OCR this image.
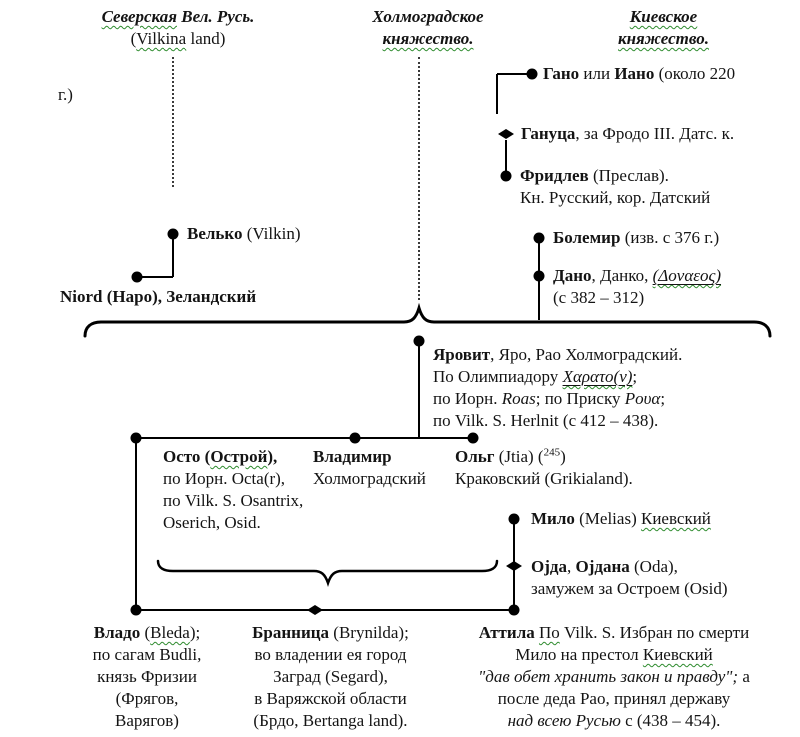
Северская Вел. Русь.
(Vilkina land)
Холмоградское
княжество.
Киевское
княжество.
Гано или Иано (около 220
г.)
Гануца, за Фродо III. Датс. к.
Фридлев (Преслав).
Кн. Русский, кор. Датский
Болемир (изв. с 376 г.)
Дано, Данко, (Δοναεος)
(с 382 – 312)
Велько (Vilkin)
Niord (Наро), Зеландский
Яровит, Яро, Рао Холмоградский.
По Олимпиадору Χαρατο(ν);
по Иорн. Roas; по Приску Ρουα;
по Vilk. S. Herlnit (с 412 – 438).
Осто (Острой),
по Иорн. Octa(r),
по Vilk. S. Osantrix,
Oserich, Osid.
Владимир
Холмоградский
Ольг (Jtia) ($^{245}$)
Краковский (Grikialand).
Мило (Melias) Киевский
Ојда, Ојдана (Oda),
замужем за Остроем (Osid)
Владо (Bleda);
по сагам Budli,
князь Фризии
(Фрягов,
Варягов)
Бранница (Brynilda);
во владении ея город
Заград (Segard),
в Варяжской области
(Брдо, Bertanga land).
Аттила По Vilk. S. Избран по смерти
Мило на престол Киевский
"дав обет хранить закон и правду"; а
после деда Рао, принял державу
над всею Русью с (438 – 454).
